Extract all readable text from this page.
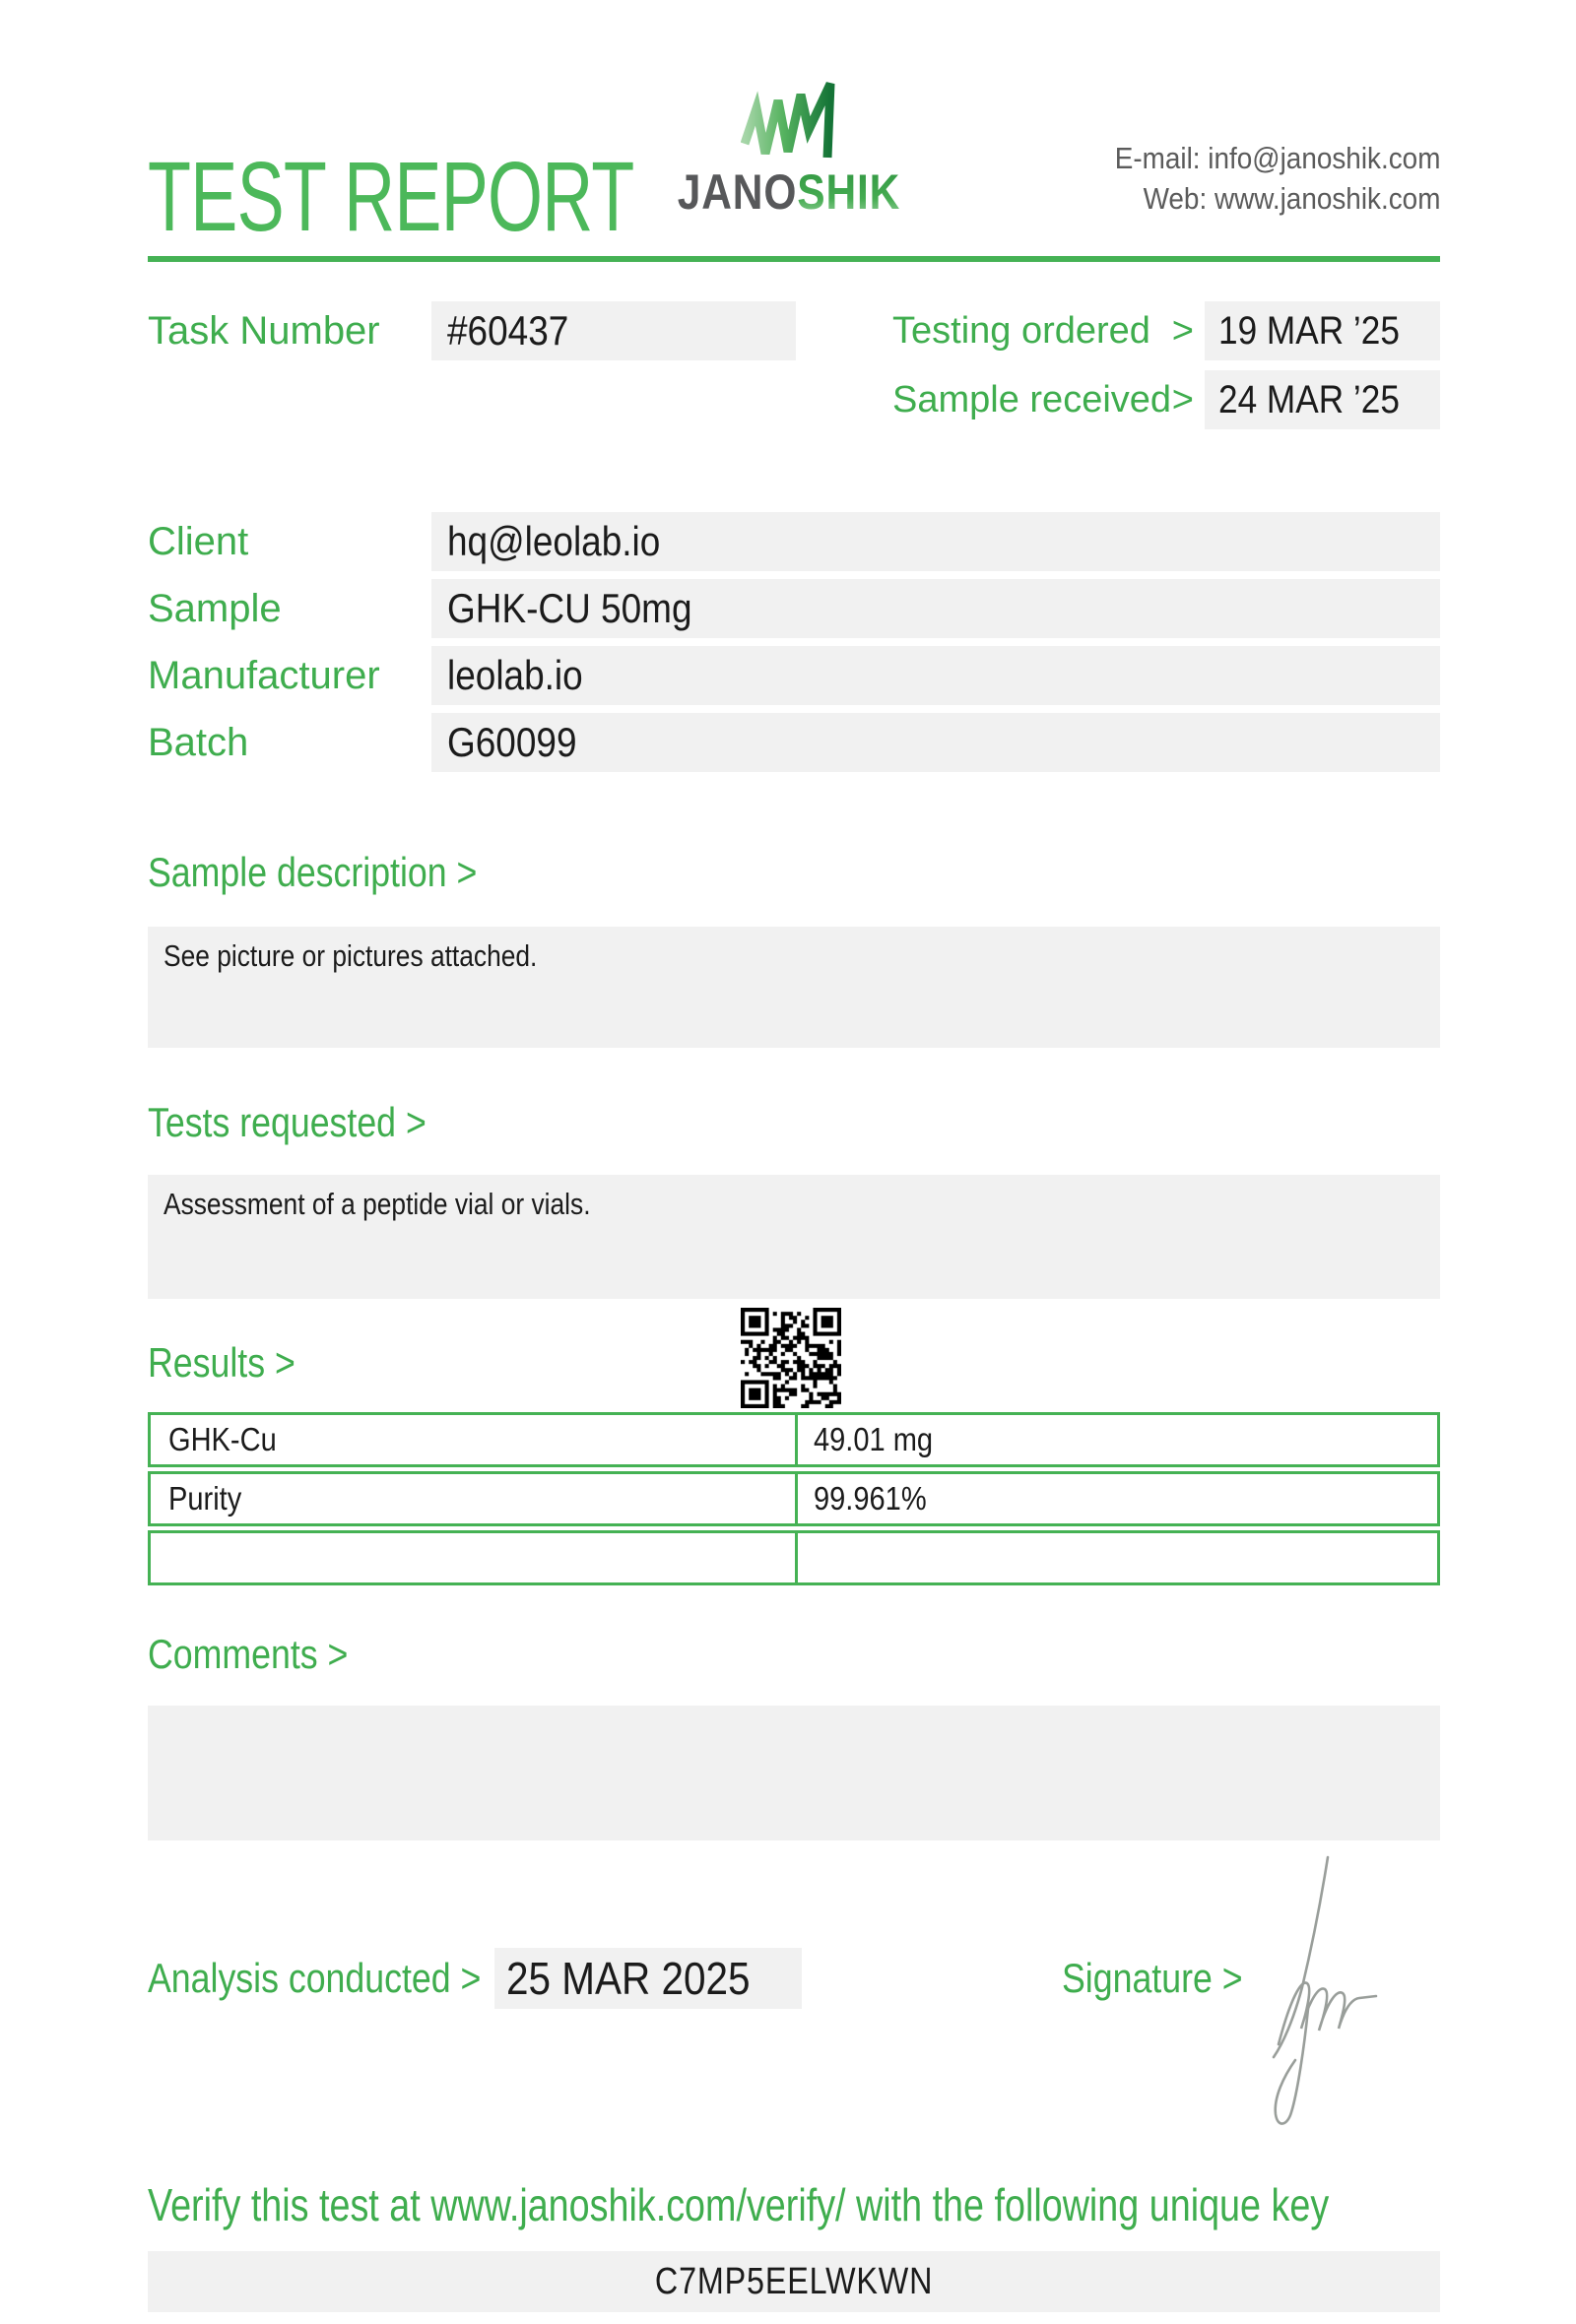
TEST REPORT JANOSHIK
E-mail: info@janoshik.com
Web: www.janoshik.com
Task Number	#60437	Testing ordered > 19 MAR ’25
Sample received > 24 MAR ’25
Client	hq@leolab.io
Sample	GHK-CU 50mg
Manufacturer	leolab.io
Batch	G60099
Sample description >
See picture or pictures attached.
Tests requested >
Assessment of a peptide vial or vials.
Results >
GHK-Cu	49.01 mg
Purity	99.961%
Comments >
Analysis conducted > 25 MAR 2025	Signature >
Verify this test at www.janoshik.com/verify/ with the following unique key
C7MP5EELWKWN
